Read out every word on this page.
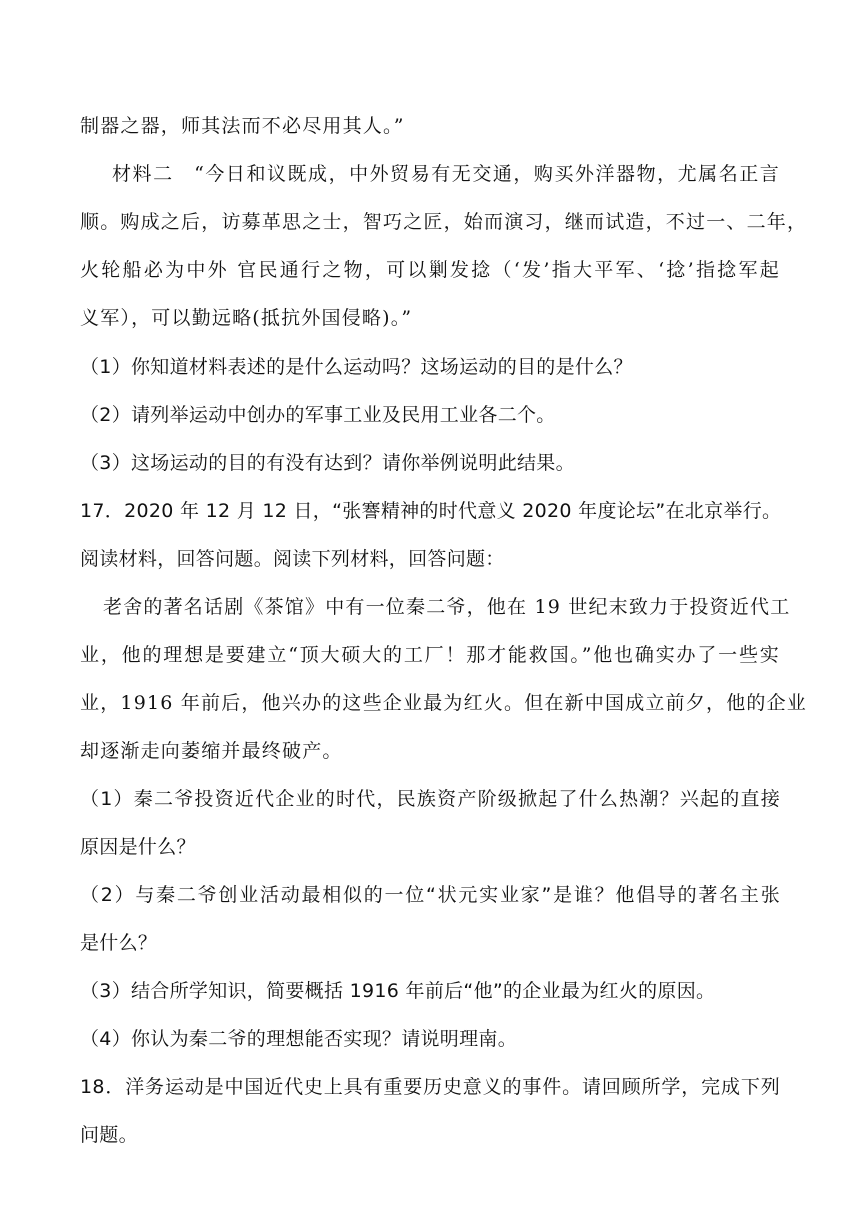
制器之器，师其法而不必尽用其人。”
材料二　“今日和议既成，中外贸易有无交通，购买外洋器物，尤属名正言
顺。购成之后，访募革思之士，智巧之匠，始而演习，继而试造，不过一、二年，
火轮船必为中外 官民通行之物，可以剿发捻（‘发’指大平军、‘捻’指捻军起
义军），可以勤远略(抵抗外国侵略)。”
（1）你知道材料表述的是什么运动吗？这场运动的目的是什么？
（2）请列举运动中创办的军事工业及民用工业各二个。
（3）这场运动的目的有没有达到？请你举例说明此结果。
17．2020 年 12 月 12 日，“张謇精神的时代意义 2020 年度论坛”在北京举行。
阅读材料，回答问题。阅读下列材料，回答问题：
老舍的著名话剧《茶馆》中有一位秦二爷，他在 19 世纪末致力于投资近代工
业，他的理想是要建立“顶大硕大的工厂！那才能救国。”他也确实办了一些实
业，1916 年前后，他兴办的这些企业最为红火。但在新中国成立前夕，他的企业
却逐渐走向萎缩并最终破产。
（1）秦二爷投资近代企业的时代，民族资产阶级掀起了什么热潮？兴起的直接
原因是什么？
（2）与秦二爷创业活动最相似的一位“状元实业家”是谁？他倡导的著名主张
是什么？
（3）结合所学知识，简要概括 1916 年前后“他”的企业最为红火的原因。
（4）你认为秦二爷的理想能否实现？请说明理南。
18．洋务运动是中国近代史上具有重要历史意义的事件。请回顾所学，完成下列
问题。
